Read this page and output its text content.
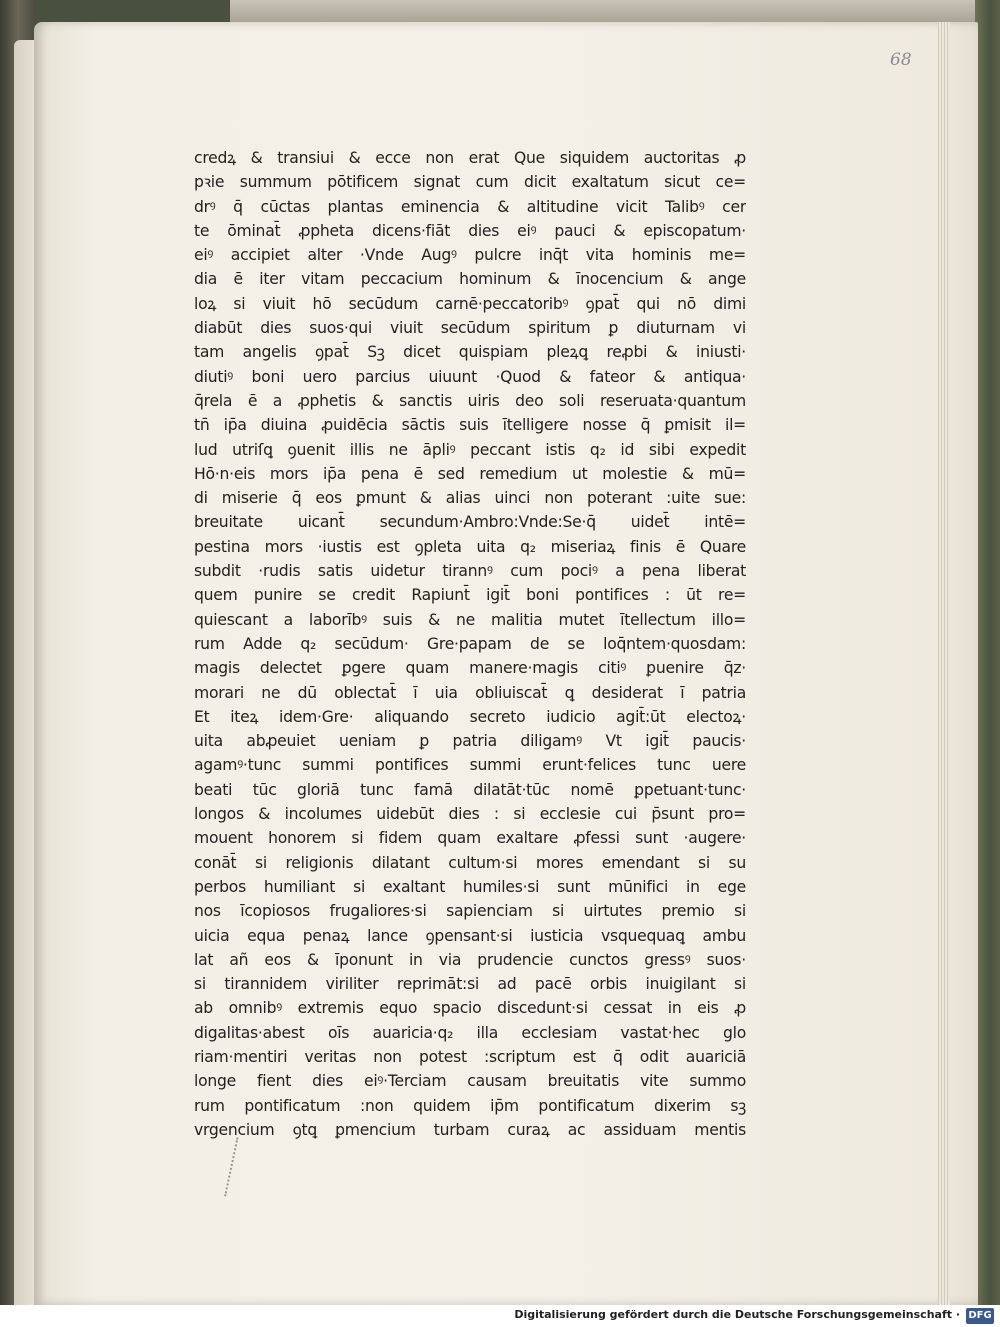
68
credꝝ & transiui & ecce non erat Que siquidem auctoritas ꝓ
pꝛie summum pōtificem signat cum dicit exaltatum sicut ce=
drꝰ q̄ cūctas plantas eminencia & altitudine vicit Talibꝰ cer
te ōminat̄ ꝓpheta dicens·fiāt dies eiꝰ pauci & episcopatum·
eiꝰ accipiet alter ·Vnde Augꝰ pulcre inq̄t vita hominis me=
dia ē iter vitam peccacium hominum & īnocencium & ange
loꝝ si viuit hō secūdum carnē·peccatoribꝰ ꝯpat̄ qui nō dimi
diabūt dies suos·qui viuit secūdum spiritum ꝑ diuturnam vi
tam angelis ꝯpat̄ Sꝫ dicet quispiam pleꝝꝗ reꝓbi & iniusti·
diutiꝰ boni uero parcius uiuunt ·Quod & fateor & antiqua·
q̄rela ē a ꝓphetis & sanctis uiris deo soli reseruata·quantum
tn̄ ip̄a diuina ꝓuidēcia sāctis suis ītelligere nosse q̄ ꝑmisit il=
lud utriſꝗ ꝯuenit illis ne āpliꝰ peccant istis q₂ id sibi expedit
Hō·n·eis mors ip̄a pena ē sed remedium ut molestie & mū=
di miserie q̄ eos ꝑmunt & alias uinci non poterant :uite sue:
breuitate uicant̄ secundum·Ambro:Vnde:Se·q̄ uidet̄ intē=
pestina mors ·iustis est ꝯpleta uita q₂ miseriaꝝ finis ē Quare
subdit ·rudis satis uidetur tirannꝰ cum pociꝰ a pena liberat
quem punire se credit Rapiunt̄ igit̄ boni pontifices : ūt re=
quiescant a laborībꝰ suis & ne malitia mutet ītellectum illo=
rum Adde q₂ secūdum· Gre·papam de se loq̄ntem·quosdam:
magis delectet ꝑgere quam manere·magis citiꝰ ꝑuenire q̄z·
morari ne dū oblectat̄ ī uia obliuiscat̄ ꝗ desiderat ī patria
Et iteꝝ idem·Gre· aliquando secreto iudicio agit̄:ūt electoꝝ·
uita abꝓeuiet ueniam ꝑ patria diligamꝰ Vt igit̄ paucis·
agamꝰ·tunc summi pontifices summi erunt·felices tunc uere
beati tūc gloriā tunc famā dilatāt·tūc nomē ꝑpetuant·tunc·
longos & incolumes uidebūt dies : si ecclesie cui p̄sunt pro=
mouent honorem si fidem quam exaltare ꝓfessi sunt ·augere·
conāt̄ si religionis dilatant cultum·si mores emendant si su
perbos humiliant si exaltant humiles·si sunt mūnifici in ege
nos īcopiosos frugaliores·si sapienciam si uirtutes premio si
uicia equa penaꝝ lance ꝯpensant·si iusticia vsquequaꝗ ambu
lat añ eos & īponunt in via prudencie cunctos gressꝰ suos·
si tirannidem viriliter reprimāt:si ad pacē orbis inuigilant si
ab omnibꝰ extremis equo spacio discedunt·si cessat in eis ꝓ
digalitas·abest oīs auaricia·q₂ illa ecclesiam vastat·hec glo
riam·mentiri veritas non potest :scriptum est q̄ odit auariciā
longe fient dies eiꝰ·Terciam causam breuitatis vite summo
rum pontificatum :non quidem ip̄m pontificatum dixerim sꝫ
vrgencium ꝯtꝗ ꝑmencium turbam curaꝝ ac assiduam mentis
Digitalisierung gefördert durch die Deutsche Forschungsgemeinschaft · DFG
